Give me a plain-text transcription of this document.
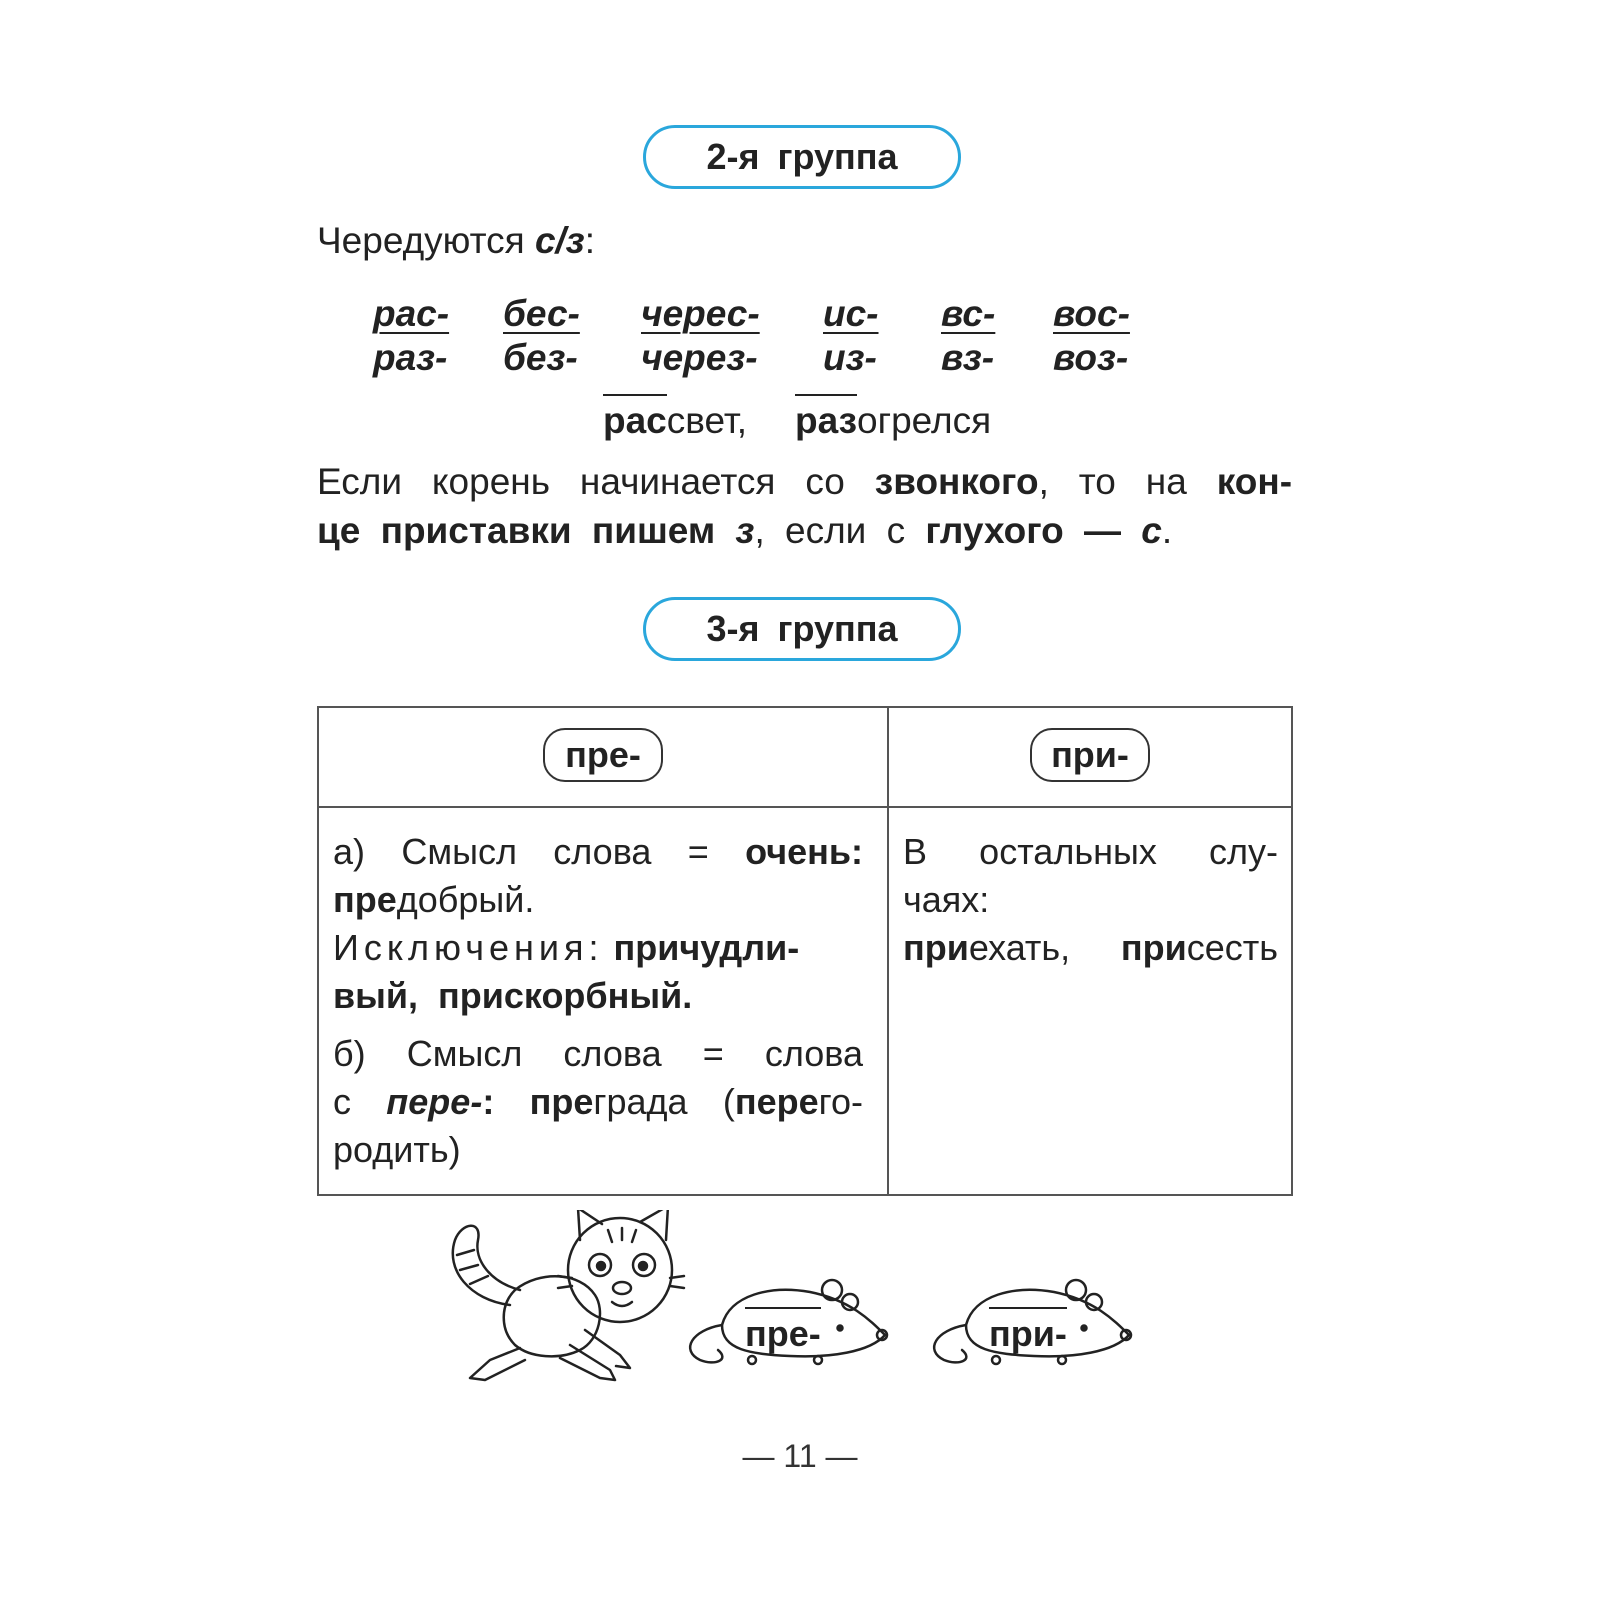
2-я группа
Чередуются с/з:
рас-
раз-
бес-
без-
черес-
через-
ис-
из-
вс-
вз-
вос-
воз-
рассвет, разогрелся
Если корень начинается со звонкого, то на кон-
це приставки пишем з, если с глухого — с.
3-я группа
пре-	при-
а) Смысл слова = очень:
предобрый.
Исключения: причудли-
вый, прискорбный.
б) Смысл слова = слова
с пере-: преграда (перего-
родить)
В остальных слу-
чаях:
приехать, присесть
пре-	при-
— 11 —
